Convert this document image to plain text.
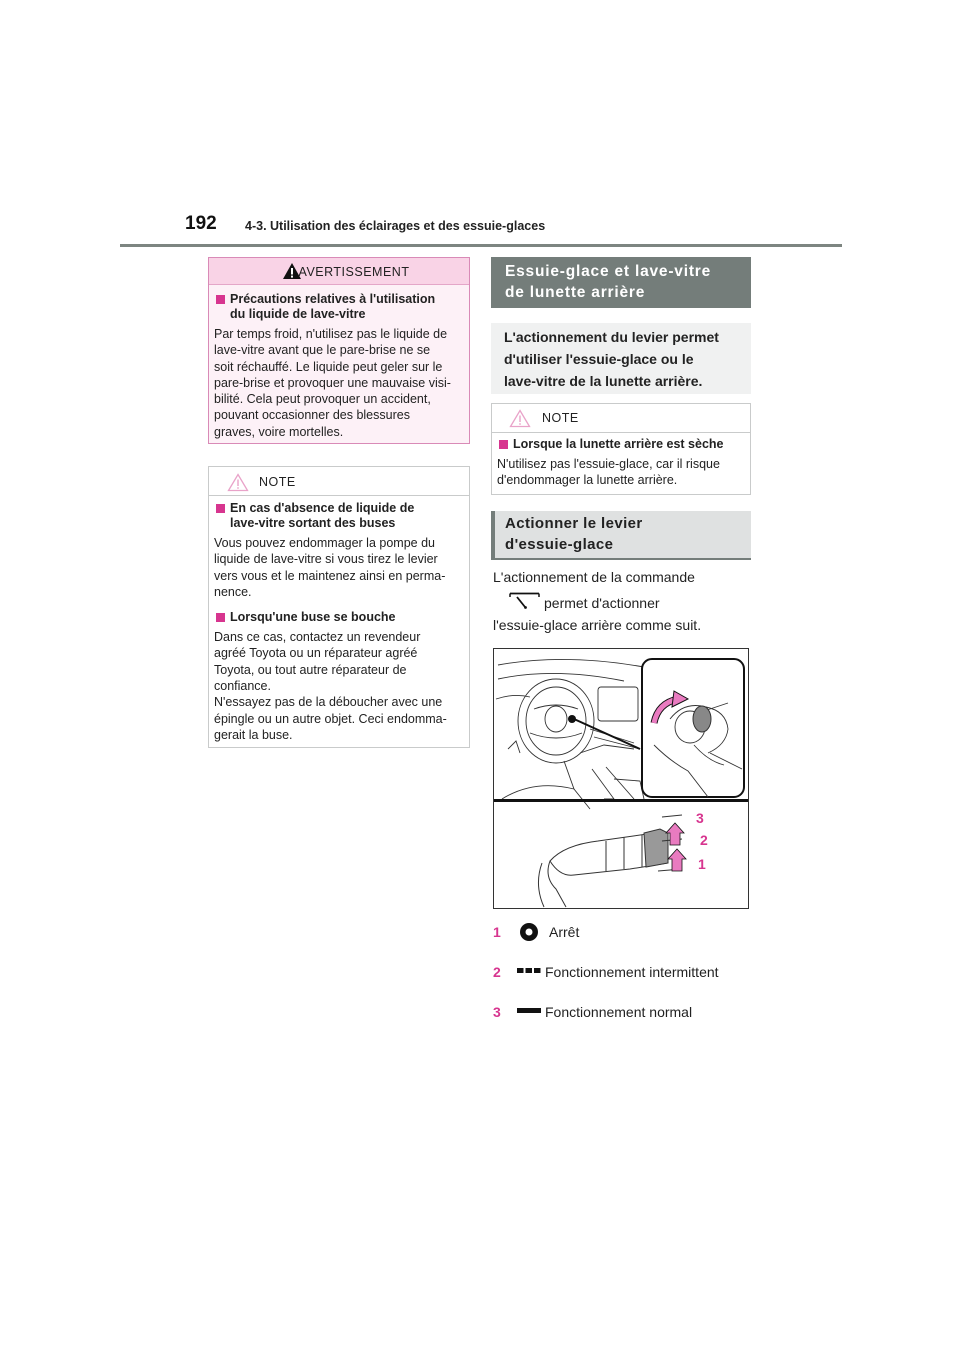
192 4-3. Utilisation des éclairages et des essuie-glaces
AVERTISSEMENT
Précautions relatives à l'utilisation
du liquide de lave-vitre
Par temps froid, n'utilisez pas le liquide de
lave-vitre avant que le pare-brise ne se
soit réchauffé. Le liquide peut geler sur le
pare-brise et provoquer une mauvaise visi-
bilité. Cela peut provoquer un accident,
pouvant occasionner des blessures
graves, voire mortelles.
NOTE
En cas d'absence de liquide de
lave-vitre sortant des buses
Vous pouvez endommager la pompe du
liquide de lave-vitre si vous tirez le levier
vers vous et le maintenez ainsi en perma-
nence.
Lorsqu'une buse se bouche
Dans ce cas, contactez un revendeur
agréé Toyota ou un réparateur agréé
Toyota, ou tout autre réparateur de
confiance.
N'essayez pas de la déboucher avec une
épingle ou un autre objet. Ceci endomma-
gerait la buse.
Essuie-glace et lave-vitre
de lunette arrière
L'actionnement du levier permet
d'utiliser l'essuie-glace ou le
lave-vitre de la lunette arrière.
NOTE
Lorsque la lunette arrière est sèche
N'utilisez pas l'essuie-glace, car il risque
d'endommager la lunette arrière.
Actionner le levier
d'essuie-glace
L'actionnement de la commande
permet d'actionner
l'essuie-glace arrière comme suit.
3
2
1
1	Arrêt
2	Fonctionnement intermittent
3	Fonctionnement normal
